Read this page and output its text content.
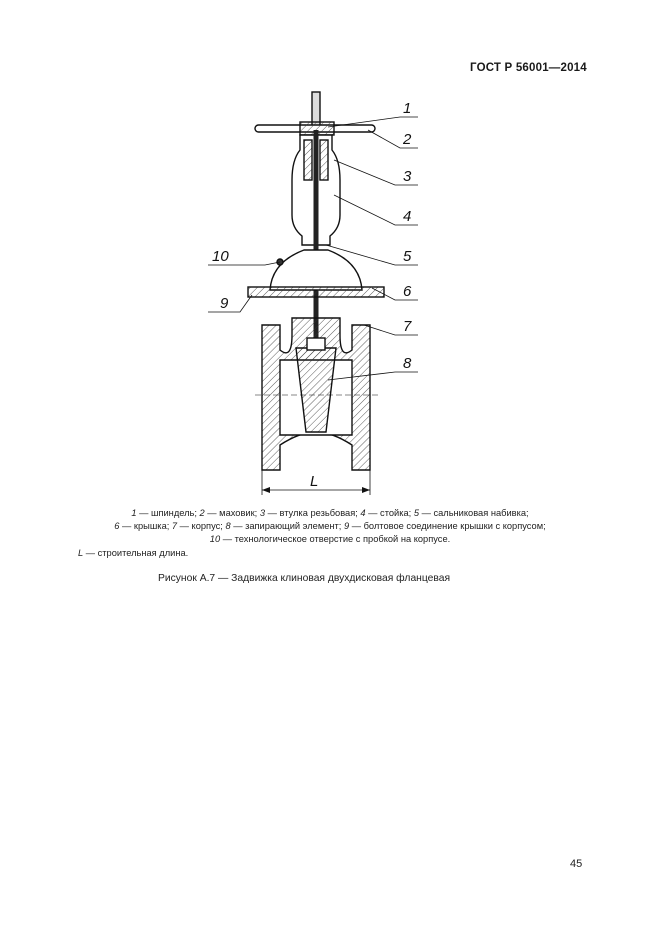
ГОСТ Р 56001—2014
1
2
3
4
5
6
7
8
9
10
L
1 — шпиндель; 2 — маховик; 3 — втулка резьбовая; 4 — стойка; 5 — сальниковая набивка;
6 — крышка; 7 — корпус; 8 — запирающий элемент; 9 — болтовое соединение крышки с корпусом;
10 — технологическое отверстие с пробкой на корпусе.
L — строительная длина.
Рисунок А.7 — Задвижка клиновая двухдисковая фланцевая
45
